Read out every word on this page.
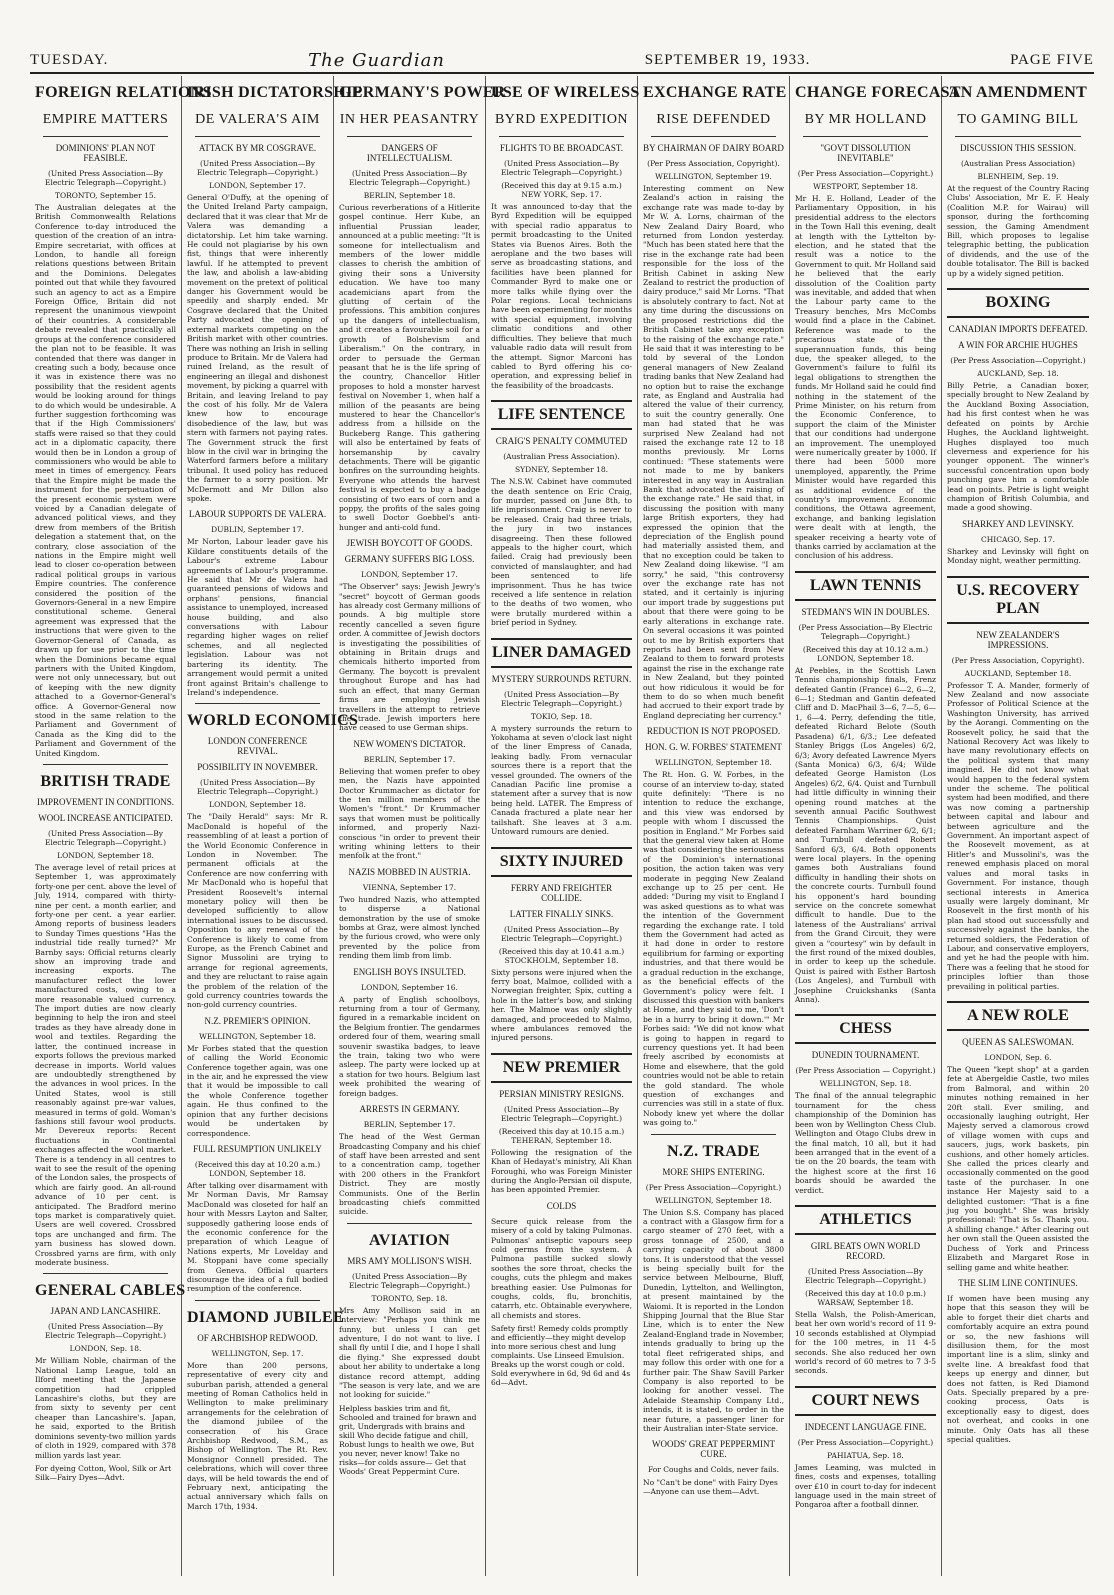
TUESDAY.	The Guardian	SEPTEMBER 19, 1933.	PAGE FIVE
FOREIGN RELATIONS
EMPIRE MATTERS
DOMINIONS' PLAN NOT FEASIBLE.
(United Press Association—By Electric Telegraph—Copyright.)
TORONTO, September 15.
The Australian delegates at the British Commonwealth Relations Conference to-day introduced the question of the creation of an intra-Empire secretariat, with offices at London, to handle all foreign relations questions between Britain and the Dominions. Delegates pointed out that while they favoured such an agency to act as a Empire Foreign Office, Britain did not represent the unanimous viewpoint of their countries. A considerable debate revealed that practically all groups at the conference considered the plan not to be feasible. It was contended that there was danger in creating such a body, because once it was in existence there was no possibility that the resident agents would be looking around for things to do which would be undesirable. A further suggestion forthcoming was that if the High Commissioners' staffs were raised so that they could act in a diplomatic capacity, there would then be in London a group of commissioners who would be able to meet in times of emergency. Fears that the Empire might be made the instrument for the perpetuation of the present economic system were voiced by a Canadian delegate of advanced political views, and they drew from members of the British delegation a statement that, on the contrary, close association of the nations in the Empire might well lead to closer co-operation between radical political groups in various Empire countries. The conference considered the position of the Governors-General in a new Empire constitutional scheme. General agreement was expressed that the instructions that were given to the Governor-General of Canada, as drawn up for use prior to the time when the Dominions became equal partners with the United Kingdom, were not only unnecessary, but out of keeping with the new dignity attached to a Governor-General's office. A Governor-General now stood in the same relation to the Parliament and Government of Canada as the King did to the Parliament and Government of the United Kingdom.
BRITISH TRADE
IMPROVEMENT IN CONDITIONS.
WOOL INCREASE ANTICIPATED.
(United Press Association—By Electric Telegraph—Copyright.)
LONDON, September 18.
The average level of retail prices at September 1, was approximately forty-one per cent. above the level of July, 1914, compared with thirty-nine per cent. a month earlier, and forty-one per cent. a year earlier. Among reports of business leaders to Sunday Times questions "Has the industrial tide really turned?" Mr Barnby says: Official returns clearly show an improving trade and increasing exports. The manufacturer reflect the lower manufactured costs, owing to a more reasonable valued currency. The import duties are now clearly beginning to help the iron and steel trades as they have already done in wool and textiles. Regarding the latter, the continued increase in exports follows the previous marked decrease in imports. World values are undoubtedly strengthened by the advances in wool prices. In the United States, wool is still reasonably against pre-war values, measured in terms of gold. Woman's fashions still favour wool products. Mr Devereux reports: Recent fluctuations in Continental exchanges affected the wool market. There is a tendency in all centres to wait to see the result of the opening of the London sales, the prospects of which are fairly good. An all-round advance of 10 per cent. is anticipated. The Bradford merino tops market is comparatively quiet. Users are well covered. Crossbred tops are unchanged and firm. The yarn business has slowed down. Crossbred yarns are firm, with only moderate business.
GENERAL CABLES
JAPAN AND LANCASHIRE.
(United Press Association—By Electric Telegraph—Copyright.)
LONDON, Sep. 18.
Mr William Noble, chairman of the National Lamp League, told an Ilford meeting that the Japanese competition had crippled Lancashire's cloths, but they are from sixty to seventy per cent cheaper than Lancashire's. Japan, he said, exported to the British dominions seventy-two million yards of cloth in 1929, compared with 378 million yards last year.
For dyeing Cotton, Wool, Silk or Art Silk—Fairy Dyes—Advt.
IRISH DICTATORSHIP
DE VALERA'S AIM
ATTACK BY MR COSGRAVE.
(United Press Association—By Electric Telegraph—Copyright.)
LONDON, September 17.
General O'Duffy, at the opening of the United Ireland Party campaign, declared that it was clear that Mr de Valera was demanding a dictatorship. Let him take warning. He could not plagiarise by his own fist, things that were inherently lawful. If he attempted to prevent the law, and abolish a law-abiding movement on the pretext of political danger his Government would be speedily and sharply ended. Mr Cosgrave declared that the United Party advocated the opening of external markets competing on the British market with other countries. There was nothing an Irish in selling produce to Britain. Mr de Valera had ruined Ireland, as the result of engineering an illegal and dishonest movement, by picking a quarrel with Britain, and leaving Ireland to pay the cost of his folly. Mr de Valera knew how to encourage disobedience of the law, but was stern with farmers not paying rates. The Government struck the first blow in the civil war in bringing the Waterford farmers before a military tribunal. It used policy has reduced the farmer to a sorry position. Mr McDermott and Mr Dillon also spoke.
LABOUR SUPPORTS DE VALERA.
DUBLIN, September 17.
Mr Norton, Labour leader gave his Kildare constituents details of the Labour's extreme Labour agreements of Labour's programme. He said that Mr de Valera had guaranteed pensions of widows and orphans' pensions, financial assistance to unemployed, increased house building, and also conversations with Labour regarding higher wages on relief schemes, and all neglected legislation. Labour was not bartering its identity. The arrangement would permit a united front against Britain's challenge to Ireland's independence.
WORLD ECONOMICS
LONDON CONFERENCE REVIVAL.
POSSIBILITY IN NOVEMBER.
(United Press Association—By Electric Telegraph—Copyright.)
LONDON, September 18.
The "Daily Herald" says: Mr R. MacDonald is hopeful of the reassembling of at least a portion of the World Economic Conference in London in November. The permanent officials at the Conference are now conferring with Mr MacDonald who is hopeful that President Roosevelt's internal monetary policy will then be developed sufficiently to allow international issues to be discussed. Opposition to any renewal of the Conference is likely to come from Europe, as the French Cabinet and Signor Mussolini are trying to arrange for regional agreements, and they are reluctant to raise again the problem of the relation of the gold currency countries towards the non-gold currency countries.
N.Z. PREMIER'S OPINION.
WELLINGTON, September 18.
Mr Forbes stated that the question of calling the World Economic Conference together again, was one in the air, and he expressed the view that it would be impossible to call the whole Conference together again. He thus confined to the opinion that any further decisions would be undertaken by correspondence.
FULL RESUMPTION UNLIKELY
(Received this day at 10.20 a.m.) LONDON, September 18.
After talking over disarmament with Mr Norman Davis, Mr Ramsay MacDonald was closeted for half an hour with Messrs Layton and Salter, supposedly gathering loose ends of the economic conference for the preparation of which League of Nations experts, Mr Lovelday and M. Stoppani have come specially from Geneva. Official quarters discourage the idea of a full bodied resumption of the conference.
DIAMOND JUBILEE
OF ARCHBISHOP REDWOOD.
WELLINGTON, Sep. 17.
More than 200 persons, representative of every city and suburban parish, attended a general meeting of Roman Catholics held in Wellington to make preliminary arrangements for the celebration of the diamond jubilee of the consecration of his Grace Archbishop Redwood, S.M., as Bishop of Wellington. The Rt. Rev. Monsignor Connell presided. The celebrations, which will cover three days, will be held towards the end of February next, anticipating the actual anniversary which falls on March 17th, 1934.
GERMANY'S POWER
IN HER PEASANTRY
DANGERS OF INTELLECTUALISM.
(United Press Association—By Electric Telegraph—Copyright.)
BERLIN, September 18.
Curious reverberations of a Hitlerite gospel continue. Herr Kube, an influential Prussian leader, announced at a public meeting: "It is someone for intellectualism and members of the lower middle classes to cherish the ambition of giving their sons a University education. We have too many academicians apart from the glutting of certain of the professions. This ambition conjures up the dangers of intellectualism, and it creates a favourable soil for a growth of Bolshevism and Liberalism." On the contrary, in order to persuade the German peasant that he is the life spring of the country, Chancellor Hitler proposes to hold a monster harvest festival on November 1, when half a million of the peasants are being mustered to hear the Chancellor's address from a hillside on the Buckeberg Range. This gathering will also be entertained by feats of horsemanship by cavalry detachments. There will be gigantic bonfires on the surrounding heights. Everyone who attends the harvest festival is expected to buy a badge consisting of two ears of corn and a poppy, the profits of the sales going to swell Doctor Goebbel's anti-hunger and anti-cold fund.
JEWISH BOYCOTT OF GOODS.
GERMANY SUFFERS BIG LOSS.
LONDON, September 17.
"The Observer" says: Jewish Jewry's "secret" boycott of German goods has already cost Germany millions of pounds. A big multiple store recently cancelled a seven figure order. A committee of Jewish doctors is investigating the possibilities of obtaining in Britain drugs and chemicals hitherto imported from Germany. The boycott is prevalent throughout Europe and has had such an effect, that many German firms are employing Jewish travellers in the attempt to retrieve the trade. Jewish importers here have ceased to use German ships.
NEW WOMEN'S DICTATOR.
BERLIN, September 17.
Believing that women prefer to obey men, the Nazis have appointed Doctor Krummacher as dictator for the ten million members of the Women's "front." Dr Krummacher says that women must be politically informed, and properly Nazi-conscious "in order to prevent their writing whining letters to their menfolk at the front."
NAZIS MOBBED IN AUSTRIA.
VIENNA, September 17.
Two hundred Nazis, who attempted to disperse a National demonstration by the use of smoke bombs at Graz, were almost lynched by the furious crowd, who were only prevented by the police from rending them limb from limb.
ENGLISH BOYS INSULTED.
LONDON, September 16.
A party of English schoolboys, returning from a tour of Germany, figured in a remarkable incident on the Belgium frontier. The gendarmes ordered four of them, wearing small souvenir swastika badges, to leave the train, taking two who were asleep. The party were locked up at a station for two hours. Belgium last week prohibited the wearing of foreign badges.
ARRESTS IN GERMANY.
BERLIN, September 17.
The head of the West German Broadcasting Company and his chief of staff have been arrested and sent to a concentration camp, together with 200 others in the Frankfort District. They are mostly Communists. One of the Berlin broadcasting chiefs committed suicide.
AVIATION
MRS AMY MOLLISON'S WISH.
(United Press Association—By Electric Telegraph—Copyright.)
TORONTO, Sep. 18.
Mrs Amy Mollison said in an interview: "Perhaps you think me funny, but unless I can get adventure, I do not want to live. I shall fly until I die, and I hope I shall die flying." She expressed doubt about her ability to undertake a long distance record attempt, adding "The season is very late, and we are not looking for suicide."
Helpless baskies trim and fit, Schooled and trained for brawn and grit, Undergrads with brains and skill Who decide fatigue and chill, Robust lungs to health we owe, But you never, never know! Take no risks—for colds assure— Get that Woods' Great Peppermint Cure.
USE OF WIRELESS
BYRD EXPEDITION
FLIGHTS TO BE BROADCAST.
(United Press Association—By Electric Telegraph—Copyright.)
(Received this day at 9.15 a.m.) NEW YORK, Sep. 17.
It was announced to-day that the Byrd Expedition will be equipped with special radio apparatus to permit broadcasting to the United States via Buenos Aires. Both the aeroplane and the two bases will serve as broadcasting stations, and facilities have been planned for Commander Byrd to make one or more talks while flying over the Polar regions. Local technicians have been experimenting for months with special equipment, involving climatic conditions and other difficulties. They believe that much valuable radio data will result from the attempt. Signor Marconi has cabled to Byrd offering his co-operation, and expressing belief in the feasibility of the broadcasts.
LIFE SENTENCE
CRAIG'S PENALTY COMMUTED
(Australian Press Association).
SYDNEY, September 18.
The N.S.W. Cabinet have commuted the death sentence on Eric Craig, for murder, passed on June 8th, to life imprisonment. Craig is never to be released. Craig had three trials, the jury in two instances disagreeing. Then these followed appeals to the higher court, which failed. Craig had previously been convicted of manslaughter, and had been sentenced to life imprisonment. Thus he has twice received a life sentence in relation to the deaths of two women, who were brutally murdered within a brief period in Sydney.
LINER DAMAGED
MYSTERY SURROUNDS RETURN.
(United Press Association—By Electric Telegraph—Copyright.)
TOKIO, Sep. 18.
A mystery surrounds the return to Yokohama at seven o'clock last night of the liner Empress of Canada, leaking badly. From vernacular sources there is a report that the vessel grounded. The owners of the Canadian Pacific line promise a statement after a survey that is now being held. LATER. The Empress of Canada fractured a plate near her tailshaft. She leaves at 3 a.m. Untoward rumours are denied.
SIXTY INJURED
FERRY AND FREIGHTER COLLIDE.
LATTER FINALLY SINKS.
(United Press Association—By Electric Telegraph—Copyright.)
(Received this day at 10.41 a.m.) STOCKHOLM, September 18.
Sixty persons were injured when the ferry boat, Malmoe, collided with a Norwegian freighter, Spix, cutting a hole in the latter's bow, and sinking her. The Malmoe was only slightly damaged, and proceeded to Malmo, where ambulances removed the injured persons.
NEW PREMIER
PERSIAN MINISTRY RESIGNS.
(United Press Association—By Electric Telegraph—Copyright.)
(Received this day at 10.15 a.m.) TEHERAN, September 18.
Following the resignation of the Khan of Hedayat's ministry, Ali Khan Foroughi, who was Foreign Minister during the Anglo-Persian oil dispute, has been appointed Premier.
COLDS
Secure quick release from the misery of a cold by taking Pulmonas. Pulmonas' antiseptic vapours seep cold germs from the system. A Pulmona pastille sucked slowly soothes the sore throat, checks the coughs, cuts the phlegm and makes breathing easier. Use Pulmonas for coughs, colds, flu, bronchitis, catarrh, etc. Obtainable everywhere, all chemists and stores.
Safety first! Remedy colds promptly and efficiently—they might develop into more serious chest and lung complaints. Use Linseed Emulsion. Breaks up the worst cough or cold. Sold everywhere in 6d, 9d 6d and 4s 6d—Advt.
EXCHANGE RATE
RISE DEFENDED
BY CHAIRMAN OF DAIRY BOARD
(Per Press Association, Copyright).
WELLINGTON, September 19.
Interesting comment on New Zealand's action in raising the exchange rate was made to-day by Mr W. A. Lorns, chairman of the New Zealand Dairy Board, who returned from London yesterday. "Much has been stated here that the rise in the exchange rate had been responsible for the loss of the British Cabinet in asking New Zealand to restrict the production of dairy produce," said Mr Lorns. "That is absolutely contrary to fact. Not at any time during the discussions on the proposed restrictions did the British Cabinet take any exception to the raising of the exchange rate." He said that it was interesting to be told by several of the London general managers of New Zealand trading banks that New Zealand had no option but to raise the exchange rate, as England and Australia had altered the value of their currency, to suit the country generally. One man had stated that he was surprised New Zealand had not raised the exchange rate 12 to 18 months previously. Mr Lorns continued: "These statements were not made to me by bankers interested in any way in Australian Bank that advocated the raising of the exchange rate." He said that, in discussing the position with many large British exporters, they had expressed the opinion that the depreciation of the English pound had materially assisted them, and that no exception could be taken to New Zealand doing likewise. "I am sorry," he said, "this controversy over the exchange rate has not stated, and it certainly is injuring our import trade by suggestions put about that there were going to be early alterations in exchange rate. On several occasions it was pointed out to me by British exporters that reports had been sent from New Zealand to them to forward protests against the rise in the exchange rate in New Zealand, but they pointed out how ridiculous it would be for them to do so when much benefit had accrued to their export trade by England depreciating her currency."
REDUCTION IS NOT PROPOSED.
HON. G. W. FORBES' STATEMENT
WELLINGTON, September 18.
The Rt. Hon. G. W. Forbes, in the course of an interview to-day, stated quite definitely: "There is no intention to reduce the exchange, and this view was endorsed by people with whom I discussed the position in England." Mr Forbes said that the general view taken at Home was that considering the seriousness of the Dominion's international position, the action taken was very moderate in pegging New Zealand exchange up to 25 per cent. He added: "During my visit to England I was asked questions as to what was the intention of the Government regarding the exchange rate. I told them the Government had acted as it had done in order to restore equilibrium for farming or exporting industries, and that there would be a gradual reduction in the exchange, as the beneficial effects of the Government's policy were felt. I discussed this question with bankers at Home, and they said to me, 'Don't be in a hurry to bring it down.'" Mr Forbes said: "We did not know what is going to happen in regard to currency questions yet. It had been freely ascribed by economists at Home and elsewhere, that the gold countries would not be able to retain the gold standard. The whole question of exchanges and currencies was still in a state of flux. Nobody knew yet where the dollar was going to."
N.Z. TRADE
MORE SHIPS ENTERING.
(Per Press Association—Copyright.)
WELLINGTON, September 18.
The Union S.S. Company has placed a contract with a Glasgow firm for a cargo steamer of 270 feet, with a gross tonnage of 2500, and a carrying capacity of about 3800 tons. It is understood that the vessel is being specially built for the service between Melbourne, Bluff, Dunedin, Lyttelton, and Wellington, at present maintained by the Waiomi. It is reported in the London Shipping Journal that the Blue Star Line, which is to enter the New Zealand-England trade in November, intends gradually to bring up the total fleet refrigerated ships, and may follow this order with one for a further pair. The Shaw Savill Parker Company is also reported to be looking for another vessel. The Adelaide Steamship Company Ltd., intends, it is stated, to order in the near future, a passenger liner for their Australian inter-State service.
WOODS' GREAT PEPPERMINT CURE.
For Coughs and Colds, never fails.
No "Can't be done" with Fairy Dyes —Anyone can use them—Advt.
CHANGE FORECAST
BY MR HOLLAND
"GOVT DISSOLUTION INEVITABLE"
(Per Press Association—Copyright.)
WESTPORT, September 18.
Mr H. E. Holland, Leader of the Parliamentary Opposition, in his presidential address to the electors in the Town Hall this evening, dealt at length with the Lyttelton by-election, and he stated that the result was a notice to the Government to quit. Mr Holland said he believed that the early dissolution of the Coalition party was inevitable, and added that when the Labour party came to the Treasury benches, Mrs McCombs would find a place in the Cabinet. Reference was made to the precarious state of the superannuation funds, this being due, the speaker alleged, to the Government's failure to fulfil its legal obligations to strengthen the funds. Mr Holland said he could find nothing in the statement of the Prime Minister, on his return from the Economic Conference, to support the claim of the Minister that our conditions had undergone an improvement. The unemployed were numerically greater by 1000. If there had been 5000 more unemployed, apparently, the Prime Minister would have regarded this as additional evidence of the country's improvement. Economic conditions, the Ottawa agreement, exchange, and banking legislation were dealt with at length, the speaker receiving a hearty vote of thanks carried by acclamation at the conclusion of his address.
LAWN TENNIS
STEDMAN'S WIN IN DOUBLES.
(Per Press Association—By Electric Telegraph—Copyright.)
(Received this day at 10.12 a.m.) LONDON, September 18.
At Peebles, in the Scottish Lawn Tennis championship finals, Frenz defeated Gantin (France) 6—2, 6—2, 6—1; Stedman and Gantin defeated Cliff and D. MacPhail 3—6, 7—5, 6—1, 6—4. Perry, defending the title, defeated Richard Belote (South Pasadena) 6/1, 6/3.; Lee defeated Stanley Briggs (Los Angeles) 6/2, 6/3; Avory defeated Lawrence Myers (Santa Monica) 6/3, 6/4; Wilde defeated George Hamiston (Los Angeles) 6/2, 6/4. Quist and Turnbull had little difficulty in winning their opening round matches at the seventh annual Pacific Southwest Tennis Championships. Quist defeated Farnham Warriner 6/2, 6/1; and Turnbull defeated Robert Sanford 6/3, 6/4. Both opponents were local players. In the opening games both Australians found difficulty in handling their shots on the concrete courts. Turnbull found his opponent's hard bounding service on the concrete somewhat difficult to handle. Due to the lateness of the Australians' arrival from the Grand Circuit, they were given a "courtesy" win by default in the first round of the mixed doubles, in order to keep up the schedule. Quist is paired with Esther Bartosh (Los Angeles), and Turnbull with Josephine Cruickshanks (Santa Anna).
CHESS
DUNEDIN TOURNAMENT.
(Per Press Association — Copyright.)
WELLINGTON, Sep. 18.
The final of the annual telegraphic tournament for the chess championship of the Dominion has been won by Wellington Chess Club. Wellington and Otago Clubs drew in the final match, 10 all, but it had been arranged that in the event of a tie on the 20 boards, the team with the highest score at the first 16 boards should be awarded the verdict.
ATHLETICS
GIRL BEATS OWN WORLD RECORD.
(United Press Association—By Electric Telegraph—Copyright.)
(Received this day at 10.0 p.m.) WARSAW, September 18.
Stella Walsh, the Polish-American, beat her own world's record of 11 9-10 seconds established at Olympiad for the 100 metres, in 11 4-5 seconds. She also reduced her own world's record of 60 metres to 7 3-5 seconds.
COURT NEWS
INDECENT LANGUAGE FINE.
(Per Press Association—Copyright.)
PAHIATUA, Sep. 18.
James Leaming, was mulcted in fines, costs and expenses, totalling over £10 in court to-day for indecent language used in the main street of Pongaroa after a football dinner.
AN AMENDMENT
TO GAMING BILL
DISCUSSION THIS SESSION.
(Australian Press Association)
BLENHEIM, Sep. 19.
At the request of the Country Racing Clubs' Association, Mr E. F. Healy (Coalition M.P. for Wairau) will sponsor, during the forthcoming session, the Gaming Amendment Bill, which proposes to legalise telegraphic betting, the publication of dividends, and the use of the double totalisator. The Bill is backed up by a widely signed petition.
BOXING
CANADIAN IMPORTS DEFEATED.
A WIN FOR ARCHIE HUGHES
(Per Press Association—Copyright.)
AUCKLAND, Sep. 18.
Billy Petrie, a Canadian boxer, specially brought to New Zealand by the Auckland Boxing Association, had his first contest when he was defeated on points by Archie Hughes, the Auckland lightweight. Hughes displayed too much cleverness and experience for his younger opponent. The winner's successful concentration upon body punching gave him a comfortable lead on points. Petrie is light weight champion of British Columbia, and made a good showing.
SHARKEY AND LEVINSKY.
CHICAGO, Sep. 17.
Sharkey and Levinsky will fight on Monday night, weather permitting.
U.S. RECOVERY PLAN
NEW ZEALANDER'S IMPRESSIONS.
(Per Press Association, Copyright).
AUCKLAND, September 18.
Professor T. A. Mander, formerly of New Zealand and now associate Professor of Political Science at the Washington University, has arrived by the Aorangi. Commenting on the Roosevelt policy, he said that the National Recovery Act was likely to have many revolutionary effects on the political system that many imagined. He did not know what would happen to the federal system under the scheme. The political system had been modified, and there was now coming a partnership between capital and labour and between agriculture and the Government. An important aspect of the Roosevelt movement, as at Hitler's and Mussolini's, was the renewed emphasis placed on moral values and moral tasks in Government. For instance, though sectional interests in America usually were largely dominant, Mr Roosevelt in the first month of his plan had stood out successfully and successively against the banks, the returned soldiers, the Federation of Labour, and conservative employers, and yet he had the people with him. There was a feeling that he stood for principles loftier than those prevailing in political parties.
A NEW ROLE
QUEEN AS SALESWOMAN.
LONDON, Sep. 6.
The Queen "kept shop" at a garden fete at Abergeldie Castle, two miles from Balmoral, and within 20 minutes nothing remained in her 20ft stall. Ever smiling, and occasionally laughing outright, Her Majesty served a clamorous crowd of village women with cups and saucers, jugs, work baskets, pin cushions, and other homely articles. She called the prices clearly and occasionally commented on the good taste of the purchaser. In one instance Her Majesty said to a delighted customer: "That is a fine jug you bought." She was briskly professional: "That is 5s. Thank you. A shilling change." After clearing out her own stall the Queen assisted the Duchess of York and Princess Elizabeth and Margaret Rose in selling game and white heather.
THE SLIM LINE CONTINUES.
If women have been musing any hope that this season they will be able to forget their diet charts and comfortably acquire an extra pound or so, the new fashions will disillusion them, for the most important line is a slim, slinky and svelte line. A breakfast food that keeps up energy and dinner, but does not fatten, is Red Diamond Oats. Specially prepared by a pre-cooking process, Oats is exceptionally easy to digest, does not overheat, and cooks in one minute. Only Oats has all these special qualities.
